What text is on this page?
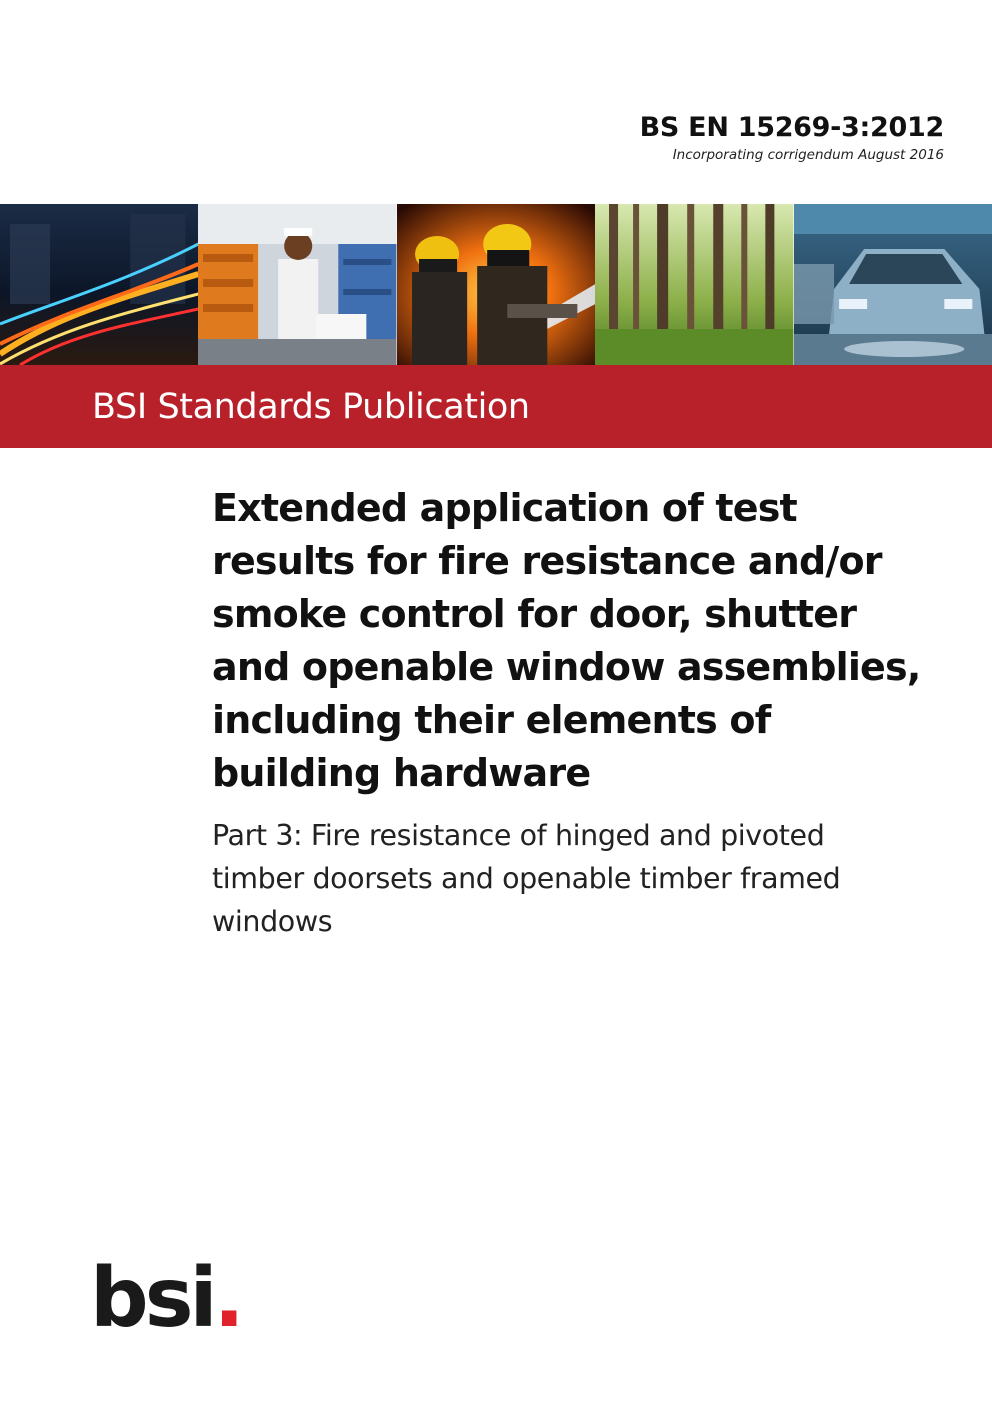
BS EN 15269-3:2012
Incorporating corrigendum August 2016
BSI Standards Publication
Extended application of test results for fire resistance and/or smoke control for door, shutter and openable window assemblies, including their elements of building hardware
Part 3: Fire resistance of hinged and pivoted timber doorsets and openable timber framed windows
bsi.
